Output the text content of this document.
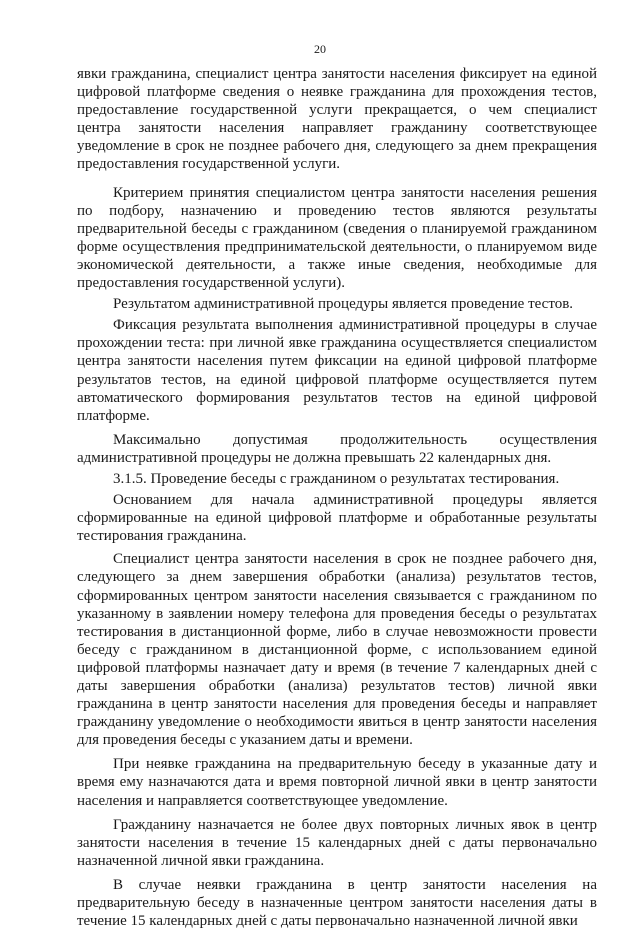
20
явки гражданина, специалист центра занятости населения фиксирует на единой
цифровой платформе сведения о неявке гражданина для прохождения тестов,
предоставление государственной услуги прекращается, о чем специалист
центра занятости населения направляет гражданину соответствующее
уведомление в срок не позднее рабочего дня, следующего за днем прекращения
предоставления государственной услуги.
Критерием принятия специалистом центра занятости населения решения
по подбору, назначению и проведению тестов являются результаты
предварительной беседы с гражданином (сведения о планируемой гражданином
форме осуществления предпринимательской деятельности, о планируемом виде
экономической деятельности, а также иные сведения, необходимые для
предоставления государственной услуги).
Результатом административной процедуры является проведение тестов.
Фиксация результата выполнения административной процедуры в случае
прохождении теста: при личной явке гражданина осуществляется специалистом
центра занятости населения путем фиксации на единой цифровой платформе
результатов тестов, на единой цифровой платформе осуществляется путем
автоматического формирования результатов тестов на единой цифровой
платформе.
Максимально допустимая продолжительность осуществления
административной процедуры не должна превышать 22 календарных дня.
3.1.5. Проведение беседы с гражданином о результатах тестирования.
Основанием для начала административной процедуры является
сформированные на единой цифровой платформе и обработанные результаты
тестирования гражданина.
Специалист центра занятости населения в срок не позднее рабочего дня,
следующего за днем завершения обработки (анализа) результатов тестов,
сформированных центром занятости населения связывается с гражданином по
указанному в заявлении номеру телефона для проведения беседы о результатах
тестирования в дистанционной форме, либо в случае невозможности провести
беседу с гражданином в дистанционной форме, с использованием единой
цифровой платформы назначает дату и время (в течение 7 календарных дней с
даты завершения обработки (анализа) результатов тестов) личной явки
гражданина в центр занятости населения для проведения беседы и направляет
гражданину уведомление о необходимости явиться в центр занятости населения
для проведения беседы с указанием даты и времени.
При неявке гражданина на предварительную беседу в указанные дату и
время ему назначаются дата и время повторной личной явки в центр занятости
населения и направляется соответствующее уведомление.
Гражданину назначается не более двух повторных личных явок в центр
занятости населения в течение 15 календарных дней с даты первоначально
назначенной личной явки гражданина.
В случае неявки гражданина в центр занятости населения на
предварительную беседу в назначенные центром занятости населения даты в
течение 15 календарных дней с даты первоначально назначенной личной явки
